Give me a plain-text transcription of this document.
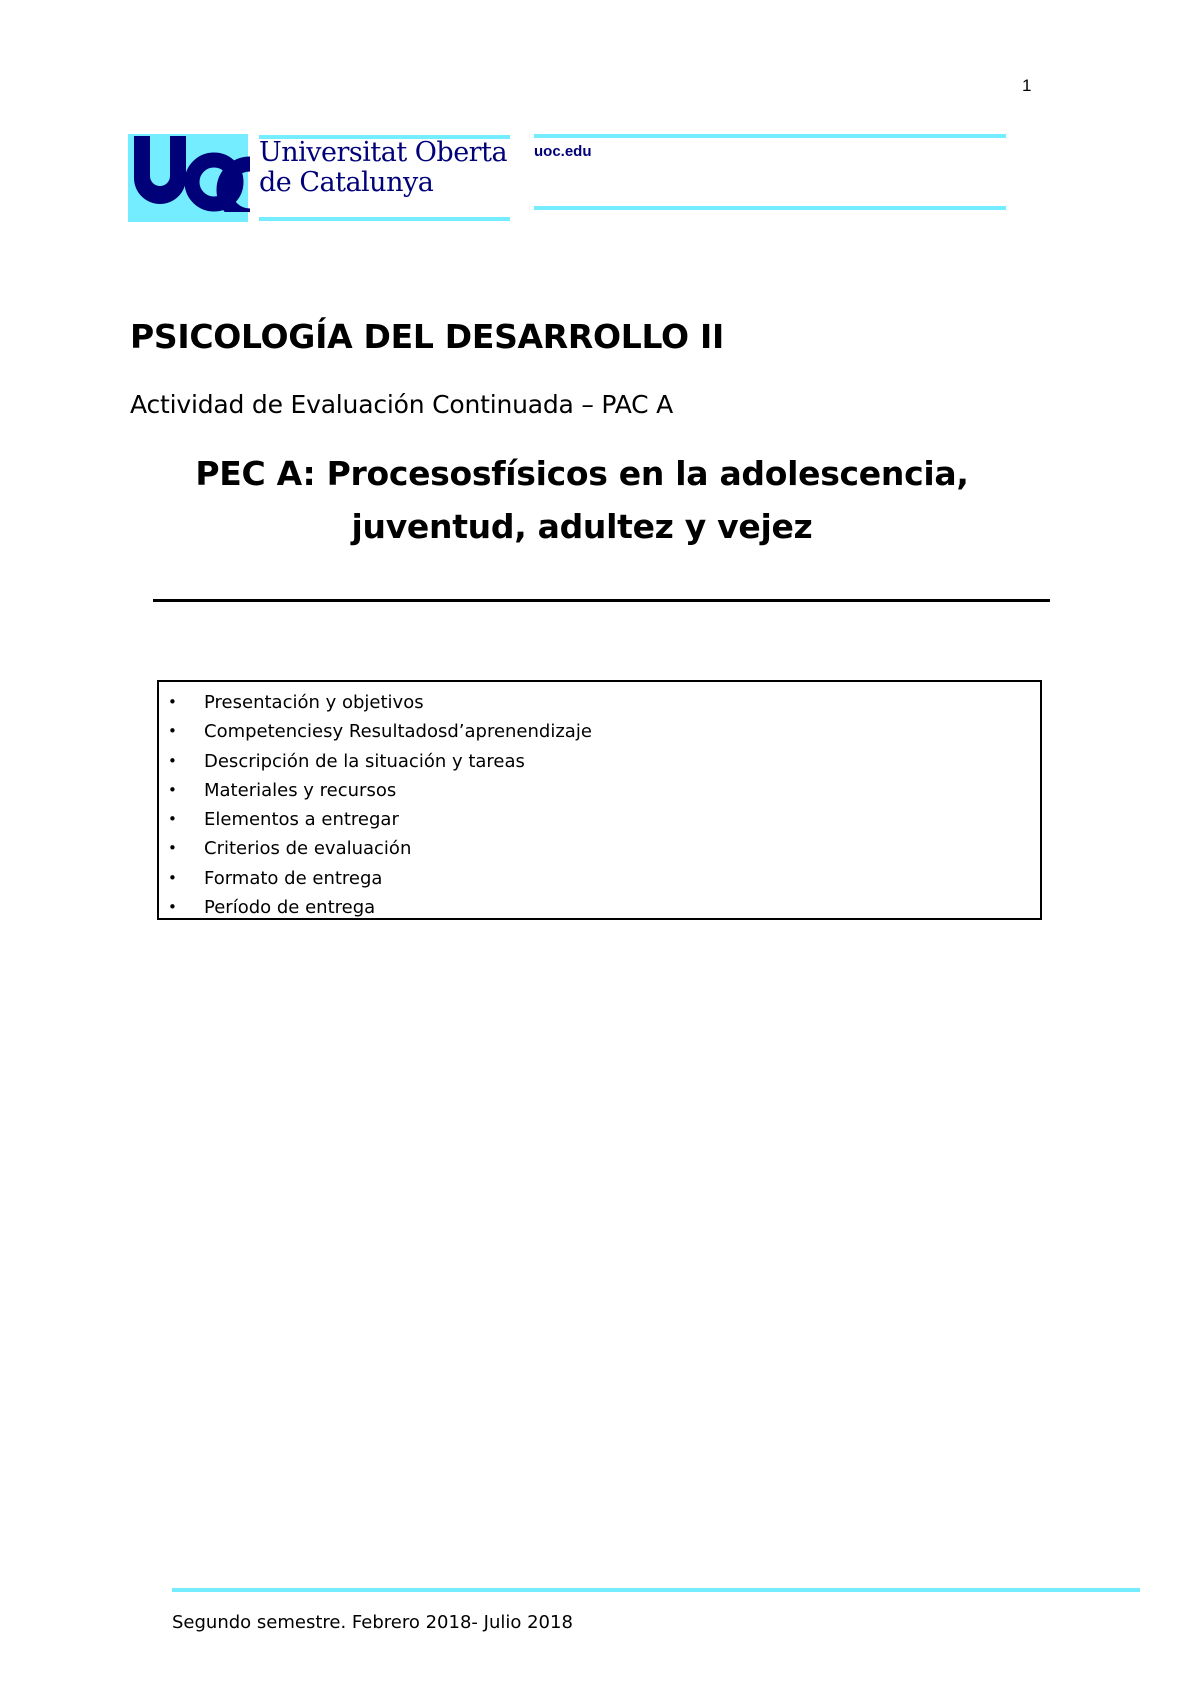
1
Universitat Oberta
de Catalunya
uoc.edu
PSICOLOGÍA DEL DESARROLLO II
Actividad de Evaluación Continuada – PAC A
PEC A: Procesosfísicos en la adolescencia, juventud, adultez y vejez
• Presentación y objetivos
• Competenciesy Resultadosd’aprenendizaje
• Descripción de la situación y tareas
• Materiales y recursos
• Elementos a entregar
• Criterios de evaluación
• Formato de entrega
• Período de entrega
Segundo semestre. Febrero 2018- Julio 2018
